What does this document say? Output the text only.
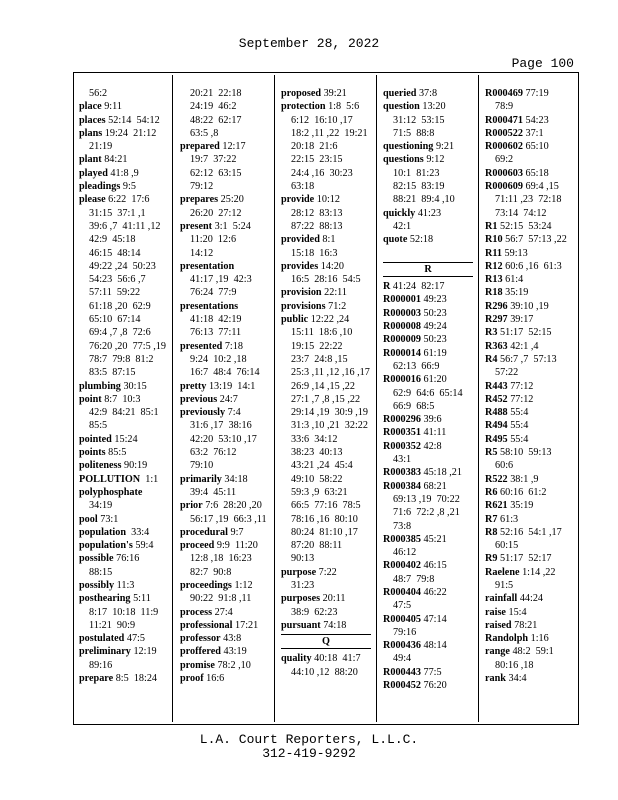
September 28, 2022
Page 100
56:2
place 9:11
places 52:14  54:12
plans 19:24  21:12
21:19
plant 84:21
played 41:8 ,9
pleadings 9:5
please 6:22  17:6
31:15  37:1 ,1
39:6 ,7  41:11 ,12
42:9  45:18
46:15  48:14
49:22 ,24  50:23
54:23  56:6 ,7
57:11  59:22
61:18 ,20  62:9
65:10  67:14
69:4 ,7 ,8  72:6
76:20 ,20  77:5 ,19
78:7  79:8  81:2
83:5  87:15
plumbing 30:15
point 8:7  10:3
42:9  84:21  85:1
85:5
pointed 15:24
points 85:5
politeness 90:19
POLLUTION  1:1
polyphosphate
34:19
pool 73:1
population  33:4
population's 59:4
possible 76:16
88:15
possibly 11:3
posthearing 5:11
8:17  10:18  11:9
11:21  90:9
postulated 47:5
preliminary 12:19
89:16
prepare 8:5  18:24
20:21  22:18
24:19  46:2
48:22  62:17
63:5 ,8
prepared 12:17
19:7  37:22
62:12  63:15
79:12
prepares 25:20
26:20  27:12
present 3:1  5:24
11:20  12:6
14:12
presentation
41:17 ,19  42:3
76:24  77:9
presentations
41:18  42:19
76:13  77:11
presented 7:18
9:24  10:2 ,18
16:7  48:4  76:14
pretty 13:19  14:1
previous 24:7
previously 7:4
31:6 ,17  38:16
42:20  53:10 ,17
63:2  76:12
79:10
primarily 34:18
39:4  45:11
prior 7:6  28:20 ,20
56:17 ,19  66:3 ,11
procedural 9:7
proceed 9:9  11:20
12:8 ,18  16:23
82:7  90:8
proceedings 1:12
90:22  91:8 ,11
process 27:4
professional 17:21
professor 43:8
proffered 43:19
promise 78:2 ,10
proof 16:6
proposed 39:21
protection 1:8  5:6
6:12  16:10 ,17
18:2 ,11 ,22  19:21
20:18  21:6
22:15  23:15
24:4 ,16  30:23
63:18
provide 10:12
28:12  83:13
87:22  88:13
provided 8:1
15:18  16:3
provides 14:20
16:5  28:16  54:5
provision 22:11
provisions 71:2
public 12:22 ,24
15:11  18:6 ,10
19:15  22:22
23:7  24:8 ,15
25:3 ,11 ,12 ,16 ,17
26:9 ,14 ,15 ,22
27:1 ,7 ,8 ,15 ,22
29:14 ,19  30:9 ,19
31:3 ,10 ,21  32:22
33:6  34:12
38:23  40:13
43:21 ,24  45:4
49:10  58:22
59:3 ,9  63:21
66:5  77:16  78:5
78:16 ,16  80:10
80:24  81:10 ,17
87:20  88:11
90:13
purpose 7:22
31:23
purposes 20:11
38:9  62:23
pursuant 74:18
Q
quality 40:18  41:7
44:10 ,12  88:20
queried 37:8
question 13:20
31:12  53:15
71:5  88:8
questioning 9:21
questions 9:12
10:1  81:23
82:15  83:19
88:21  89:4 ,10
quickly 41:23
42:1
quote 52:18

R
R 41:24  82:17
R000001 49:23
R000003 50:23
R000008 49:24
R000009 50:23
R000014 61:19
62:13  66:9
R000016 61:20
62:9  64:6  65:14
66:9  68:5
R000296 39:6
R000351 41:11
R000352 42:8
43:1
R000383 45:18 ,21
R000384 68:21
69:13 ,19  70:22
71:6  72:2 ,8 ,21
73:8
R000385 45:21
46:12
R000402 46:15
48:7  79:8
R000404 46:22
47:5
R000405 47:14
79:16
R000436 48:14
49:4
R000443 77:5
R000452 76:20
R000469 77:19
78:9
R000471 54:23
R000522 37:1
R000602 65:10
69:2
R000603 65:18
R000609 69:4 ,15
71:11 ,23  72:18
73:14  74:12
R1 52:15  53:24
R10 56:7  57:13 ,22
R11 59:13
R12 60:6 ,16  61:3
R13 61:4
R18 35:19
R296 39:10 ,19
R297 39:17
R3 51:17  52:15
R363 42:1 ,4
R4 56:7 ,7  57:13
57:22
R443 77:12
R452 77:12
R488 55:4
R494 55:4
R495 55:4
R5 58:10  59:13
60:6
R522 38:1 ,9
R6 60:16  61:2
R621 35:19
R7 61:3
R8 52:16  54:1 ,17
60:15
R9 51:17  52:17
Raelene 1:14 ,22
91:5
rainfall 44:24
raise 15:4
raised 78:21
Randolph 1:16
range 48:2  59:1
80:16 ,18
rank 34:4
L.A. Court Reporters, L.L.C.
312-419-9292
